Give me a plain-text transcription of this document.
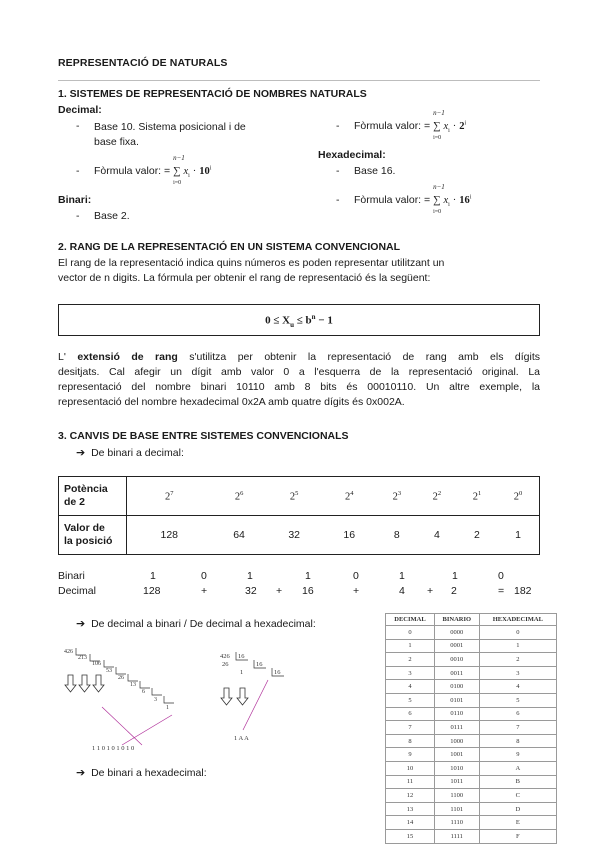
REPRESENTACIÓ DE NATURALS
1. SISTEMES DE REPRESENTACIÓ DE NOMBRES NATURALS
Decimal:
- Base 10. Sistema posicional i de
base fixa.
- Fòrmula valor: =
n−1
∑
i=0
$x_i \cdot 10^i$
Binari:
- Base 2.
- Fòrmula valor: =
n−1
∑
i=0
$x_i \cdot 2^i$
Hexadecimal:
- Base 16.
- Fòrmula valor: =
n−1
∑
i=0
$x_i \cdot 16^i$
2. RANG DE LA REPRESENTACIÓ EN UN SISTEMA CONVENCIONAL
El rang de la representació indica quins números es poden representar utilitzant un
vector de n digits. La fórmula per obtenir el rang de representació és la següent:
$0 \le X_u \le b^n - 1$
L' extensió de rang s'utilitza per obtenir la representació de rang amb els dígits
desitjats. Cal afegir un dígit amb valor 0 a l'esquerra de la representació original. La
representació del nombre binari 10110 amb 8 bits és 00010110. Un altre exemple, la
representació del nombre hexadecimal 0x2A amb quatre dígits és 0x002A.
3. CANVIS DE BASE ENTRE SISTEMES CONVENCIONALS
➔ De binari a decimal:
Potència
de 2	$2^7$	$2^6$	$2^5$	$2^4$	$2^3$	$2^2$	$2^1$	$2^0$

Valor de
la posició	128	64	32	16	8	4	2	1
Binari	1	0	1	1	0	1	1	0
Decimal	128	+	32 + 16	+	4 + 2	= 182
➔ De decimal a binari / De decimal a hexadecimal:
426
213
106
53
26
13
6
3
1
1 1 0 1 0 1 0 1 0
426 16
26	16
1	16
1 A A
➔ De binari a hexadecimal:
DECIMAL	BINARIO	HEXADECIMAL
0	0000	0
1	0001	1
2	0010	2
3	0011	3
4	0100	4
5	0101	5
6	0110	6
7	0111	7
8	1000	8
9	1001	9
10	1010	A
11	1011	B
12	1100	C
13	1101	D
14	1110	E
15	1111	F
